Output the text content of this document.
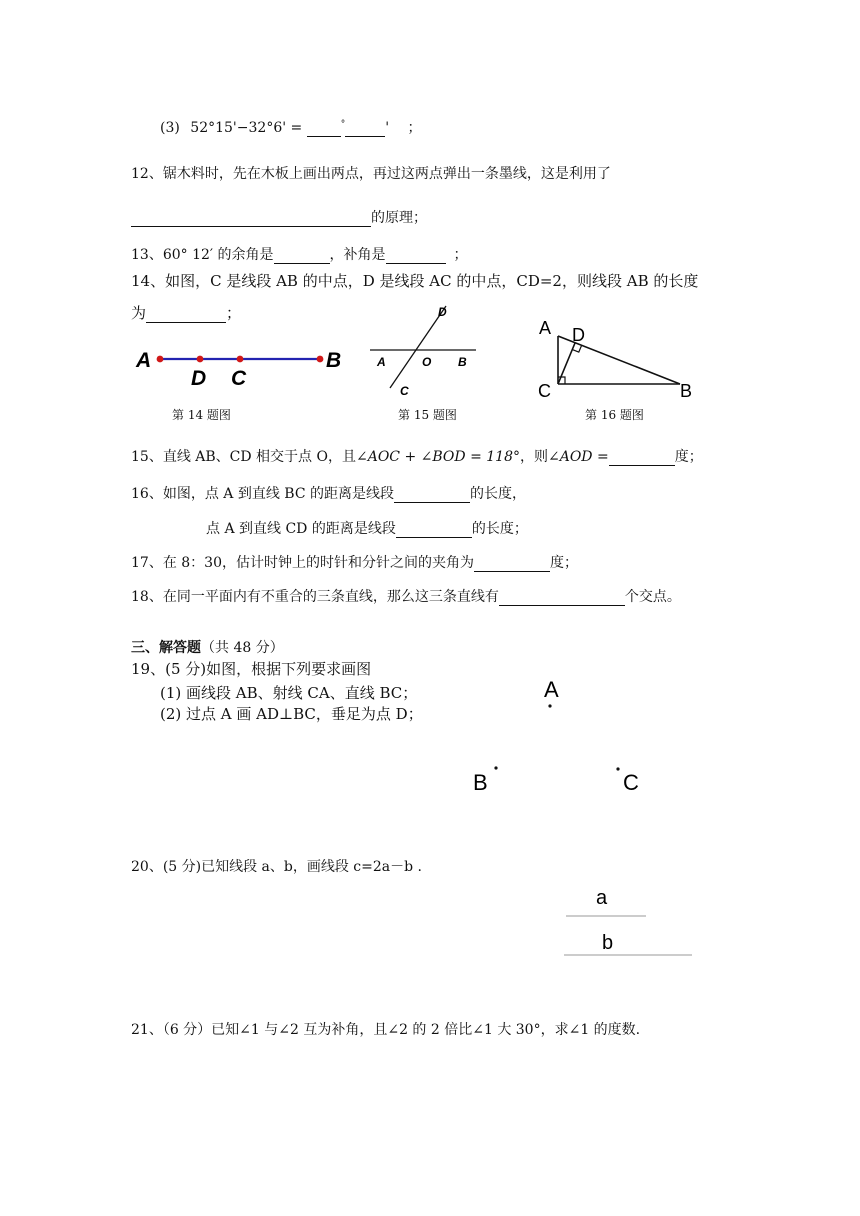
(3) 52°15'−32°6' =	°	' ；
12、锯木料时，先在木板上画出两点，再过这两点弹出一条墨线，这是利用了
的原理；
13、60° 12′ 的余角是	，补角是	；
14、如图，C 是线段 AB 的中点，D 是线段 AC 的中点，CD=2，则线段 AB 的长度
为	；
A
D C
B
第 14 题图
D
A	O B
C
第 15 题图
A D
C	B
第 16 题图
15、直线 AB、CD 相交于点 O，且∠AOC + ∠BOD = 118°，则∠AOD =	度；
16、如图，点 A 到直线 BC 的距离是线段	的长度，
点 A 到直线 CD 的距离是线段	的长度；
17、在 8：30，估计时钟上的时针和分针之间的夹角为	度；
18、在同一平面内有不重合的三条直线，那么这三条直线有	个交点。
三、解答题（共 48 分）
19、(5 分)如图，根据下列要求画图
(1) 画线段 AB、射线 CA、直线 BC；
(2) 过点 A 画 AD⊥BC，垂足为点 D；
A
B	C
20、(5 分)已知线段 a、b，画线段 c=2a－b .
a
b
21、（6 分）已知∠1 与∠2 互为补角，且∠2 的 2 倍比∠1 大 30°，求∠1 的度数.
